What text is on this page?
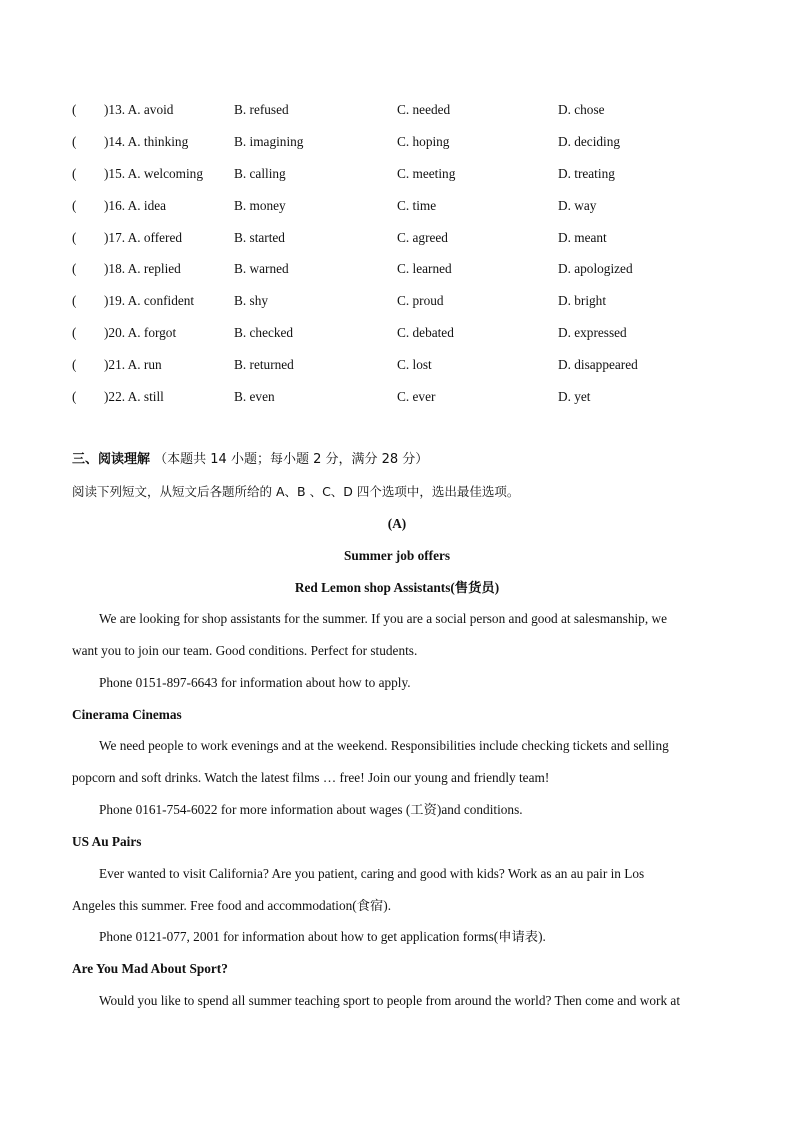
( )13. A. avoid	B. refused	C. needed	D. chose
( )14. A. thinking	B. imagining	C. hoping	D. deciding
( )15. A. welcoming B. calling	C. meeting	D. treating
( )16. A. idea	B. money	C. time	D. way
( )17. A. offered	B. started	C. agreed	D. meant
( )18. A. replied	B. warned	C. learned	D. apologized
( )19. A. confident	B. shy	C. proud	D. bright
( )20. A. forgot	B. checked	C. debated	D. expressed
( )21. A. run	B. returned	C. lost	D. disappeared
( )22. A. still	B. even	C. ever	D. yet
三、阅读理解 （本题共 14 小题；每小题 2 分，满分 28 分）
阅读下列短文，从短文后各题所给的 A、B 、C、D 四个选项中，选出最佳选项。
(A)
Summer job offers
Red Lemon shop Assistants(售货员)
We are looking for shop assistants for the summer. If you are a social person and good at salesmanship, we
want you to join our team. Good conditions. Perfect for students.
Phone 0151-897-6643 for information about how to apply.
Cinerama Cinemas
We need people to work evenings and at the weekend. Responsibilities include checking tickets and selling
popcorn and soft drinks. Watch the latest films … free! Join our young and friendly team!
Phone 0161-754-6022 for more information about wages (工资)and conditions.
US Au Pairs
Ever wanted to visit California? Are you patient, caring and good with kids? Work as an au pair in Los
Angeles this summer. Free food and accommodation(食宿).
Phone 0121-077, 2001 for information about how to get application forms(申请表).
Are You Mad About Sport?
Would you like to spend all summer teaching sport to people from around the world? Then come and work at
